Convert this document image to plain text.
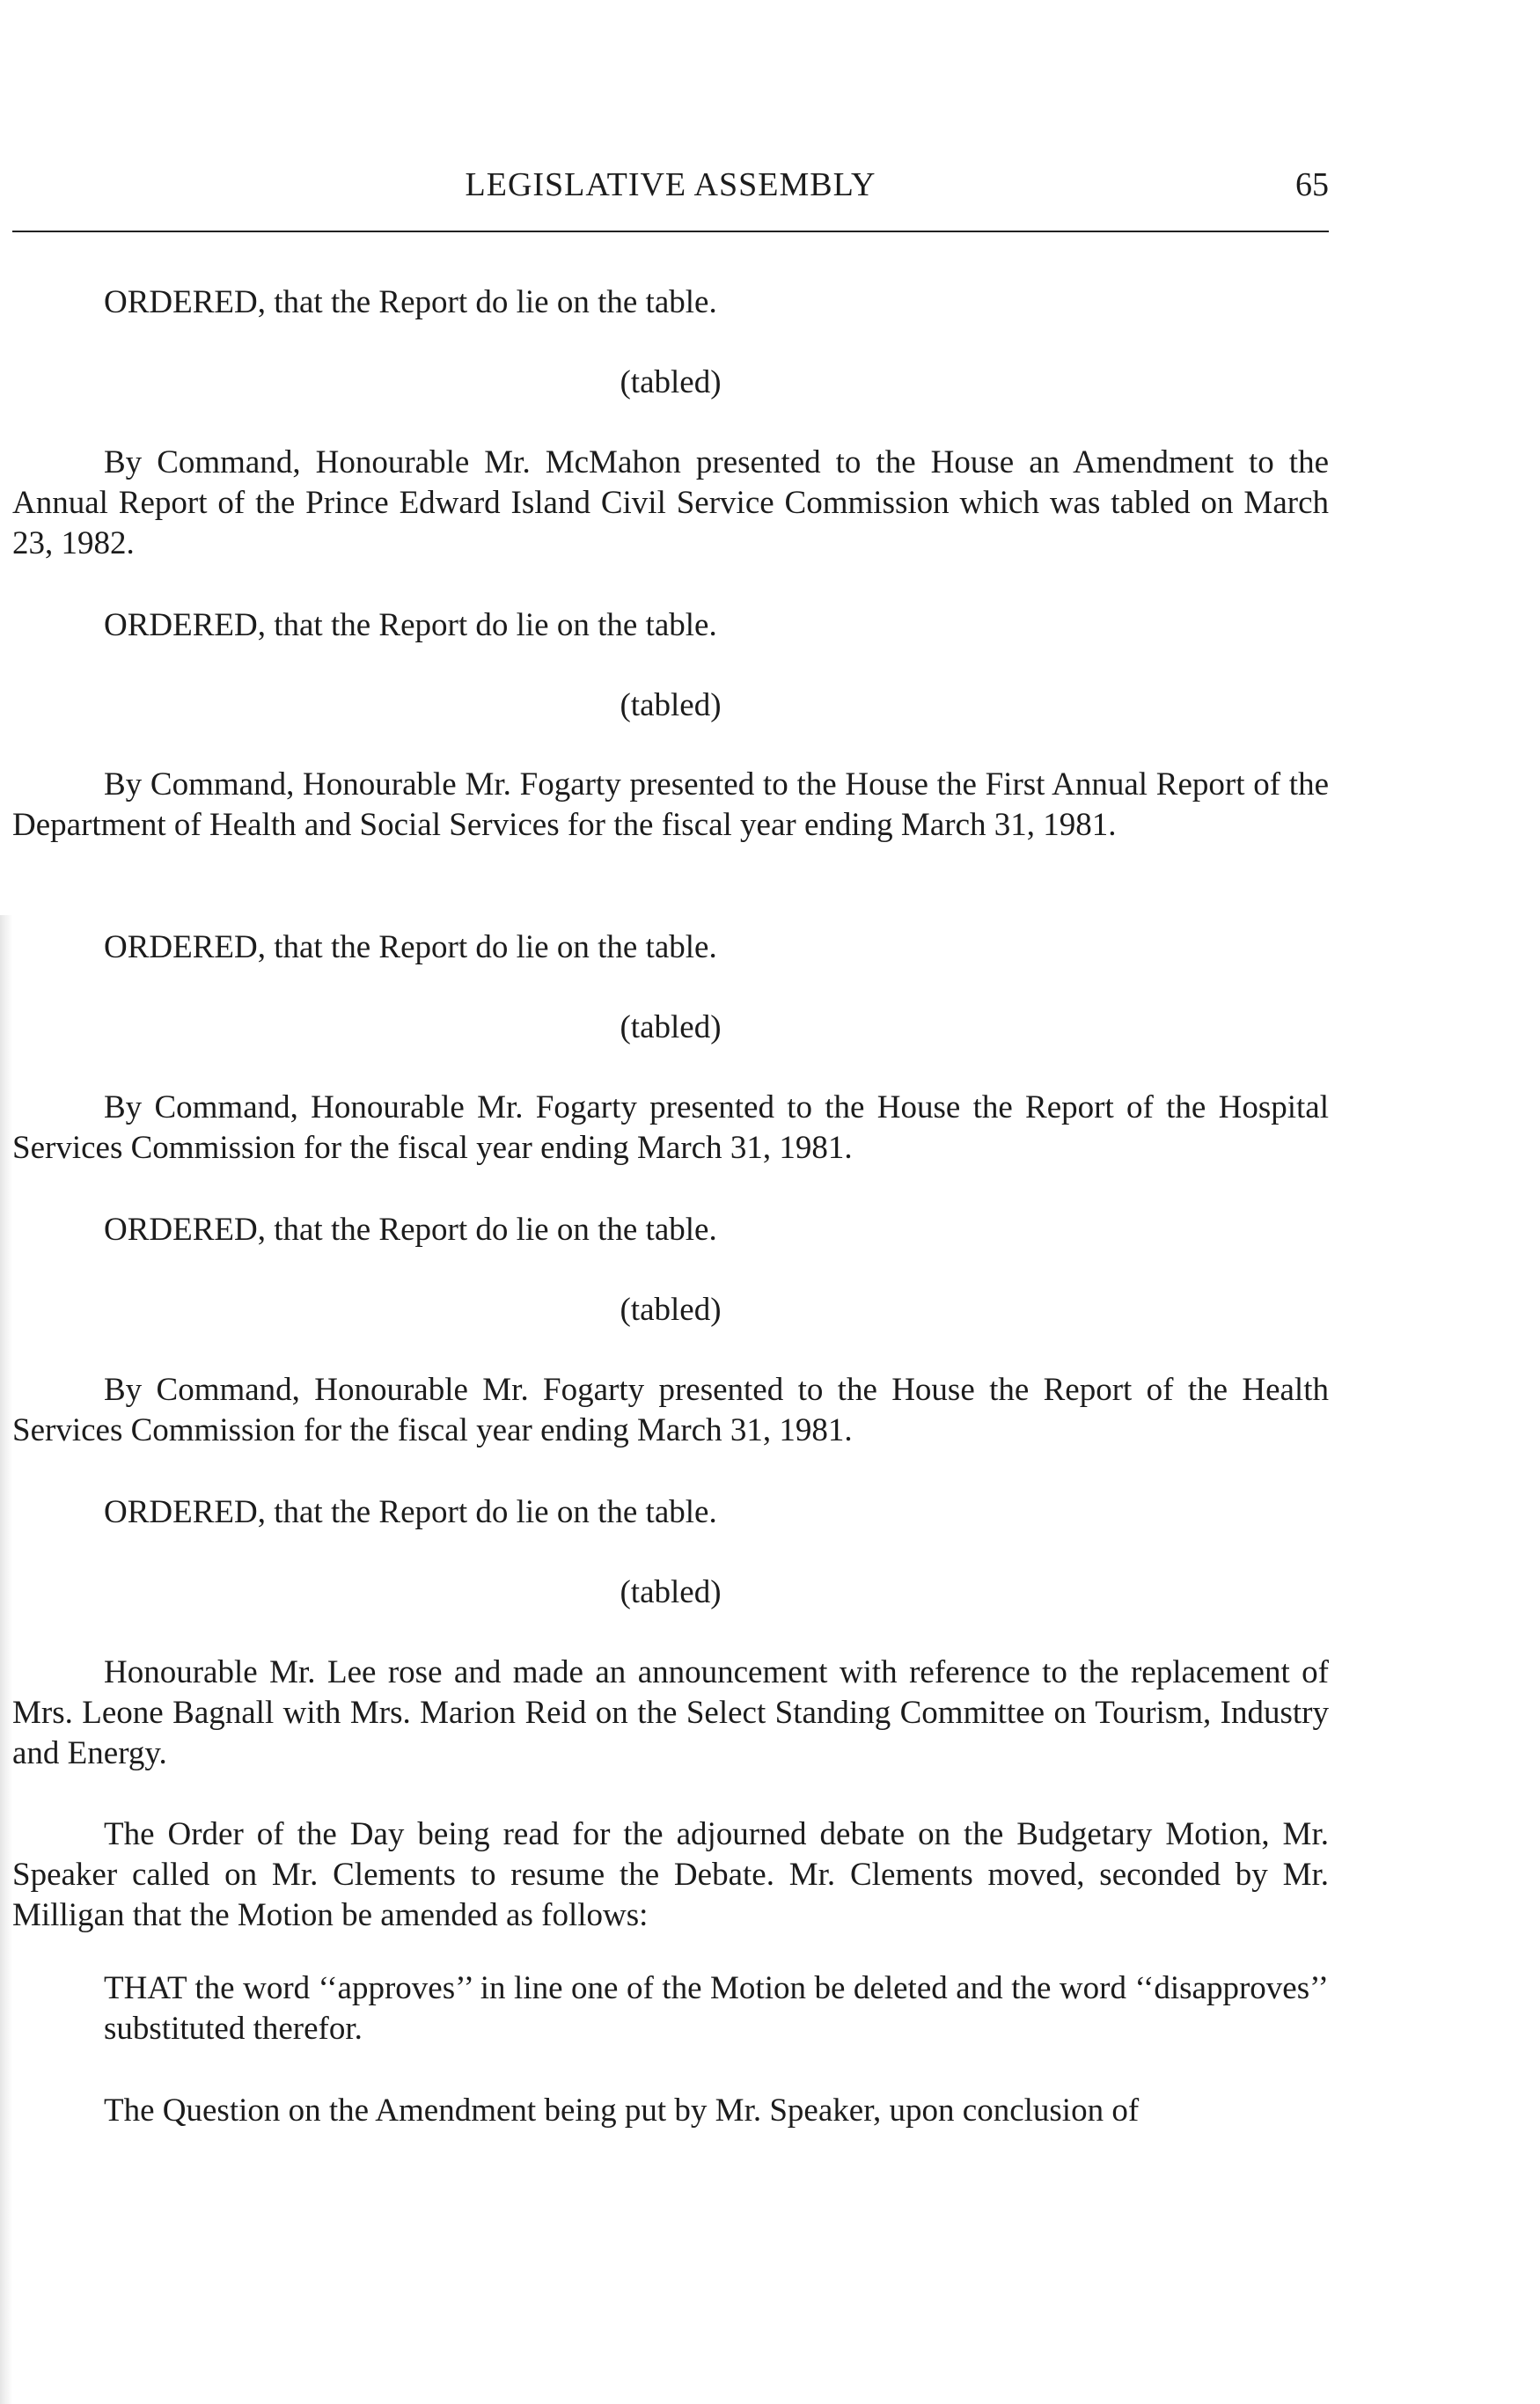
LEGISLATIVE ASSEMBLY	65

ORDERED, that the Report do lie on the table.

(tabled)

By Command, Honourable Mr. McMahon presented to the House an Amendment to the Annual Report of the Prince Edward Island Civil Service Commission which was tabled on March 23, 1982.

ORDERED, that the Report do lie on the table.

(tabled)

By Command, Honourable Mr. Fogarty presented to the House the First Annual Report of the Department of Health and Social Services for the fiscal year ending March 31, 1981.

ORDERED, that the Report do lie on the table.

(tabled)

By Command, Honourable Mr. Fogarty presented to the House the Report of the Hospital Services Commission for the fiscal year ending March 31, 1981.

ORDERED, that the Report do lie on the table.

(tabled)

By Command, Honourable Mr. Fogarty presented to the House the Report of the Health Services Commission for the fiscal year ending March 31, 1981.

ORDERED, that the Report do lie on the table.

(tabled)

Honourable Mr. Lee rose and made an announcement with reference to the replacement of Mrs. Leone Bagnall with Mrs. Marion Reid on the Select Standing Committee on Tourism, Industry and Energy.

The Order of the Day being read for the adjourned debate on the Budgetary Motion, Mr. Speaker called on Mr. Clements to resume the Debate. Mr. Clements moved, seconded by Mr. Milligan that the Motion be amended as follows:

THAT the word ‘‘approves’’ in line one of the Motion be deleted and the word ‘‘disapproves’’ substituted therefor.

The Question on the Amendment being put by Mr. Speaker, upon conclusion of
